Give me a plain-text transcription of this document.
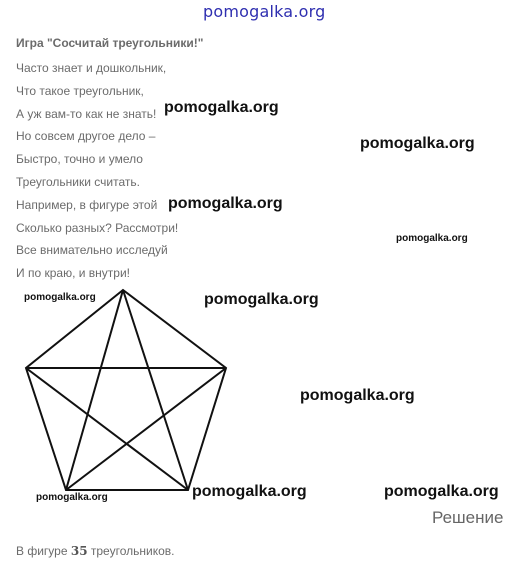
pomogalka.org
Игра "Сосчитай треугольники!"
Часто знает и дошкольник,
Что такое треугольник,
А уж вам-то как не знать!
Но совсем другое дело –
Быстро, точно и умело
Треугольники считать.
Например, в фигуре этой
Сколько разных? Рассмотри!
Все внимательно исследуй
И по краю, и внутри!
pomogalka.org
pomogalka.org
pomogalka.org
pomogalka.org
pomogalka.org	pomogalka.org
pomogalka.org
pomogalka.org	pomogalka.org	pomogalka.org
Решение
В фигуре 35 треугольников.
